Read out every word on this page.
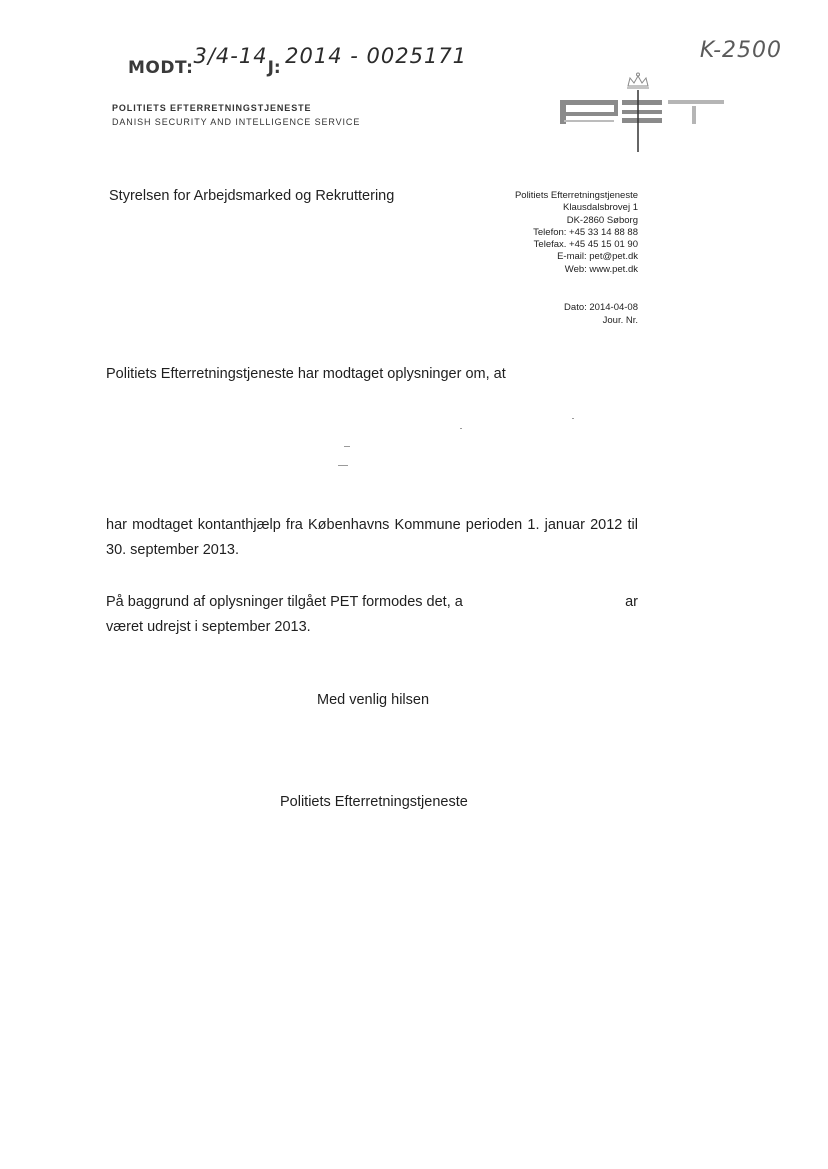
MODT:3/4-14J: 2014 - 0025171	K-2500
POLITIETS EFTERRETNINGSTJENESTE
DANISH SECURITY AND INTELLIGENCE SERVICE
Styrelsen for Arbejdsmarked og Rekruttering	Politiets Efterretningstjeneste
Klausdalsbrovej 1
DK-2860 Søborg
Telefon: +45 33 14 88 88
Telefax. +45 45 15 01 90
E-mail: pet@pet.dk
Web: www.pet.dk
Dato: 2014-04-08
Jour. Nr.
Politiets Efterretningstjeneste har modtaget oplysninger om, at
har modtaget kontanthjælp fra Københavns Kommune perioden 1. januar 2012 til 30. september 2013.
På baggrund af oplysninger tilgået PET formodes det, a	ar
været udrejst i september 2013.
Med venlig hilsen
Politiets Efterretningstjeneste
